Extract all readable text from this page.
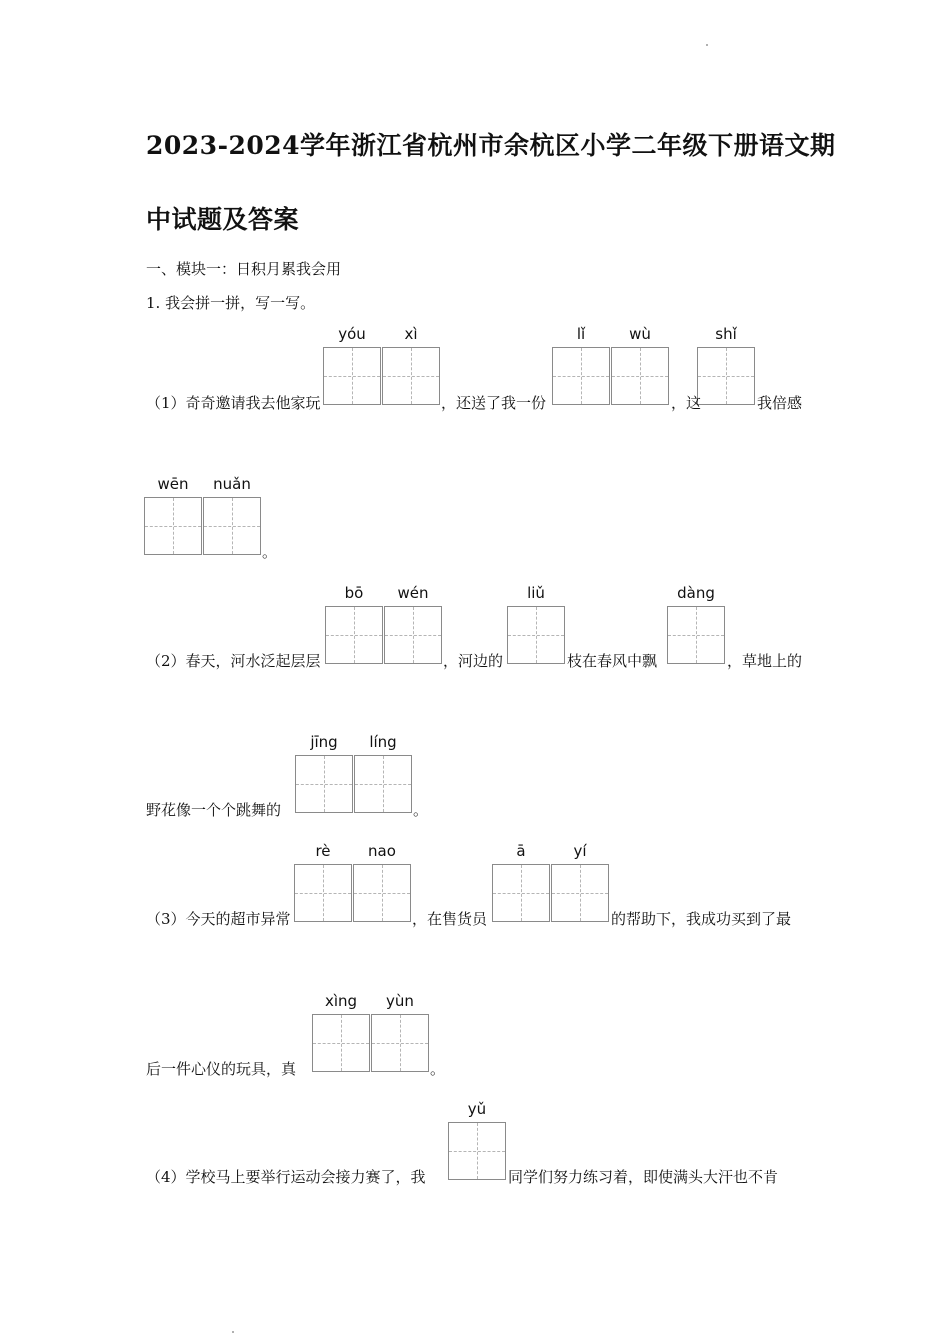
2023-2024学年浙江省杭州市余杭区小学二年级下册语文期
中试题及答案
一、模块一：日积月累我会用
1. 我会拼一拼，写一写。
yóu	xì	lǐ	wù	shǐ
（1）奇奇邀请我去他家玩	，还送了我一份	，这	我倍感
wēn	nuǎn
。
bō	wén	liǔ	dàng
（2）春天，河水泛起层层	，河边的	枝在春风中飘	，草地上的
jīng	líng
野花像一个个跳舞的	。
rè	nao	ā	yí
（3）今天的超市异常	，在售货员	的帮助下，我成功买到了最
xìng	yùn
后一件心仪的玩具，真	。
yǔ
（4）学校马上要举行运动会接力赛了，我	同学们努力练习着，即使满头大汗也不肯
